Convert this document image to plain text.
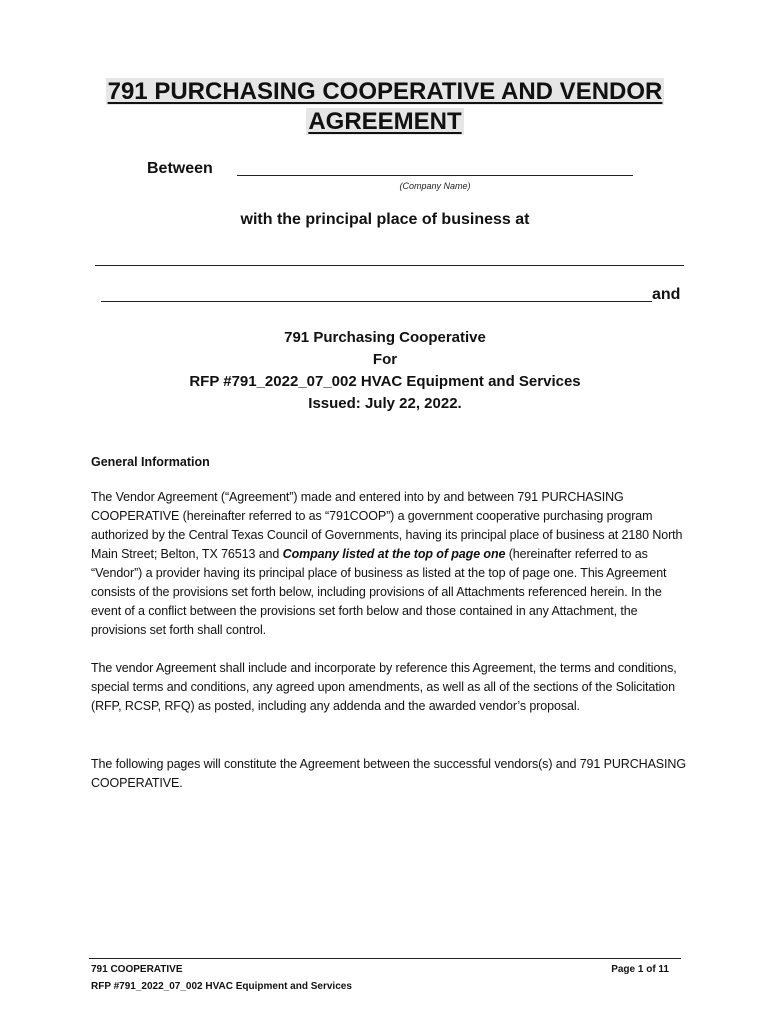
791 PURCHASING COOPERATIVE AND VENDOR
AGREEMENT
Between
(Company Name)
with the principal place of business at
and
791 Purchasing Cooperative
For
RFP #791_2022_07_002 HVAC Equipment and Services
Issued: July 22, 2022.
General Information

The Vendor Agreement (“Agreement”) made and entered into by and between 791 PURCHASING COOPERATIVE (hereinafter referred to as “791COOP”) a government cooperative purchasing program authorized by the Central Texas Council of Governments, having its principal place of business at 2180 North Main Street; Belton, TX 76513 and Company listed at the top of page one (hereinafter referred to as “Vendor”) a provider having its principal place of business as listed at the top of page one. This Agreement consists of the provisions set forth below, including provisions of all Attachments referenced herein. In the event of a conflict between the provisions set forth below and those contained in any Attachment, the provisions set forth shall control.

The vendor Agreement shall include and incorporate by reference this Agreement, the terms and conditions, special terms and conditions, any agreed upon amendments, as well as all of the sections of the Solicitation (RFP, RCSP, RFQ) as posted, including any addenda and the awarded vendor’s proposal.

The following pages will constitute the Agreement between the successful vendors(s) and 791 PURCHASING COOPERATIVE.

791 COOPERATIVE
RFP #791_2022_07_002 HVAC Equipment and Services
Page 1 of 11
